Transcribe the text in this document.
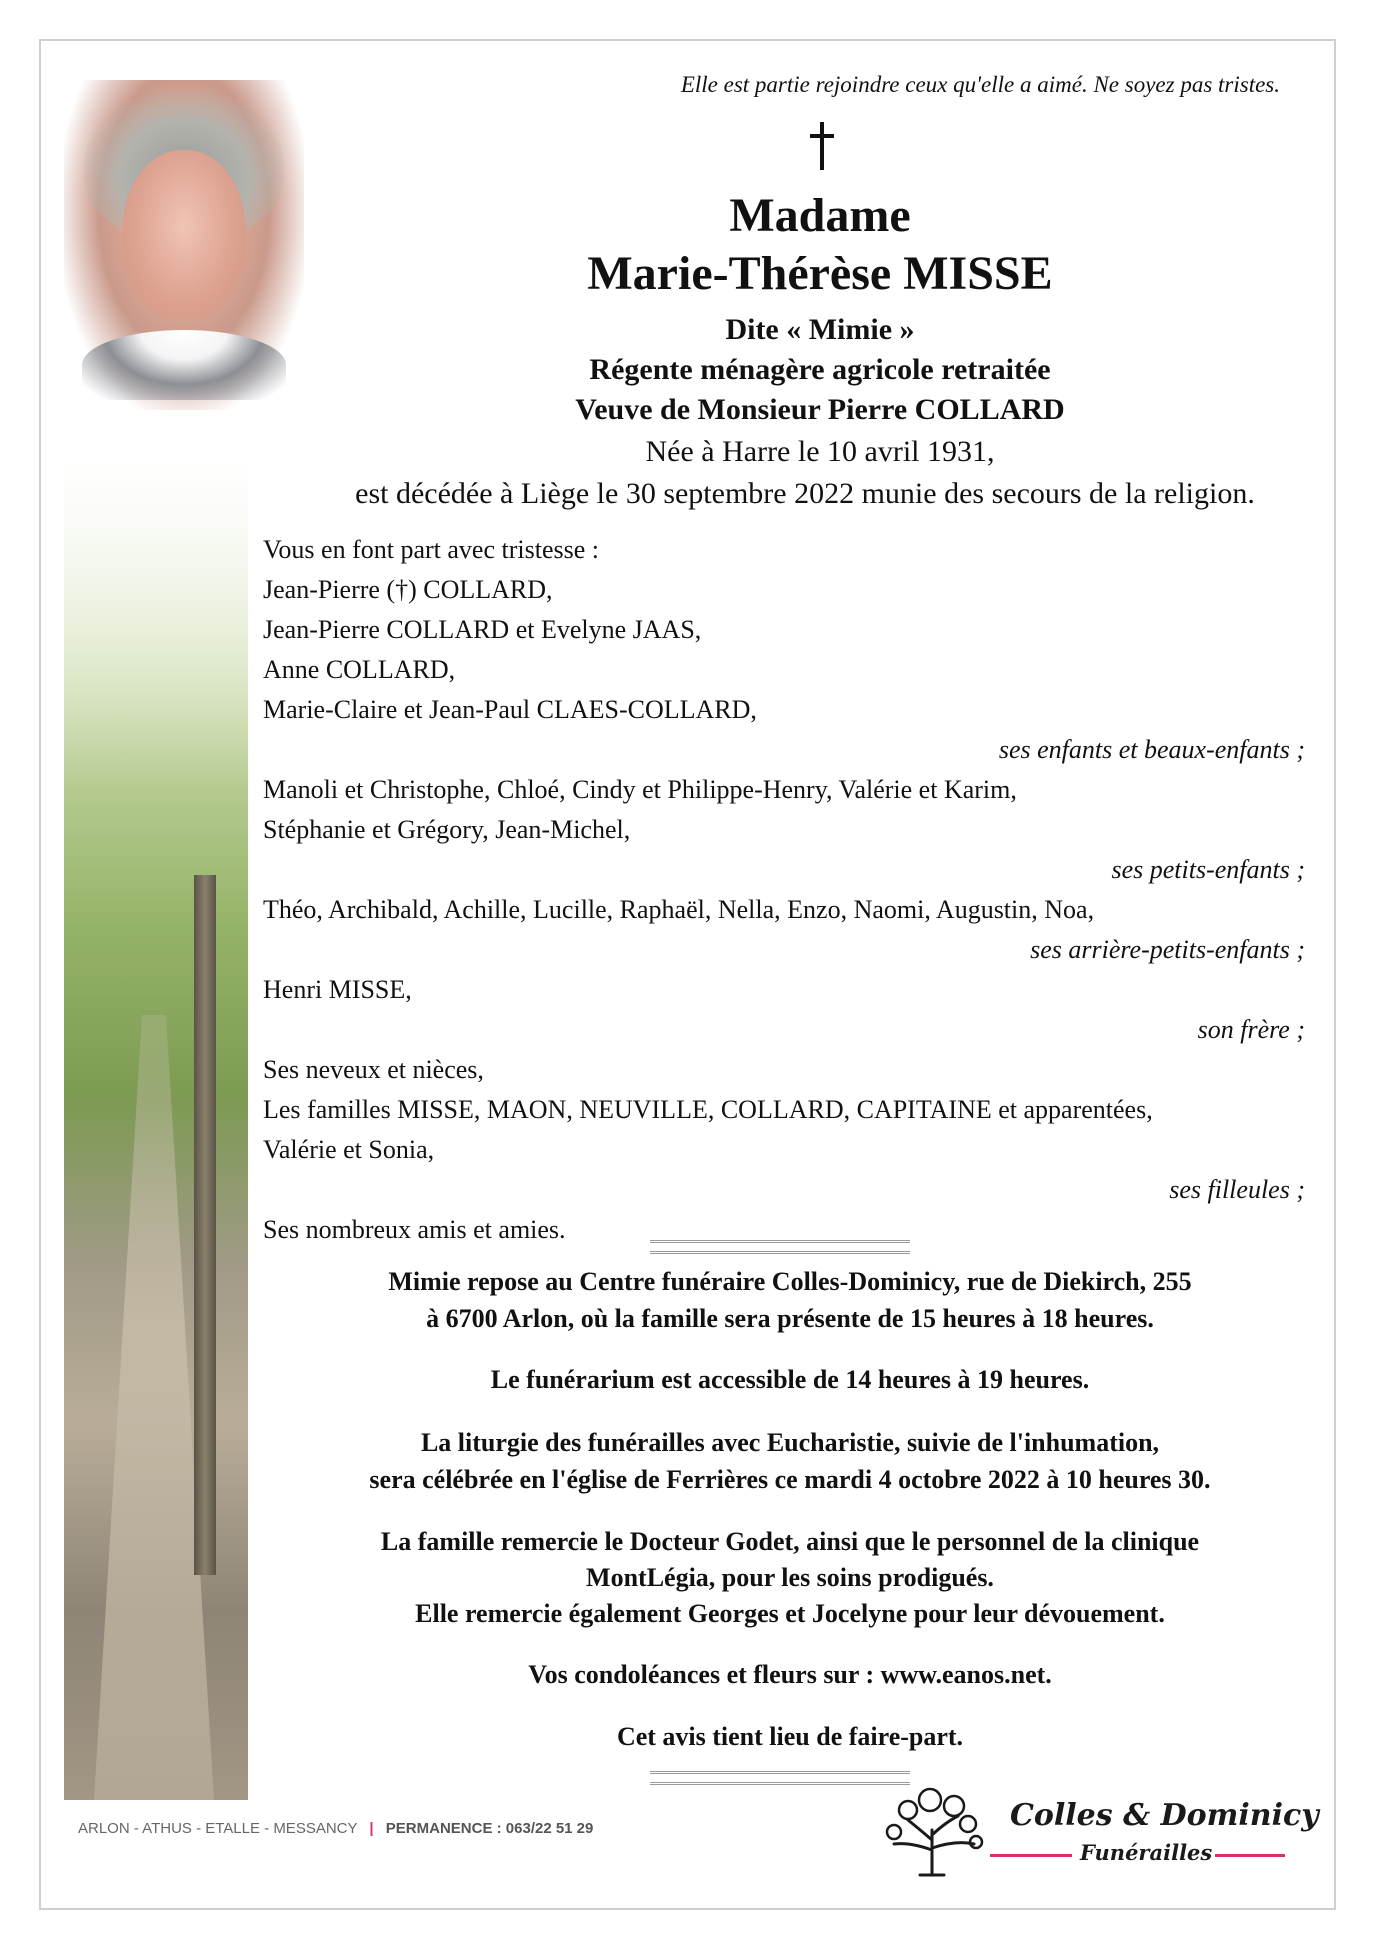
Elle est partie rejoindre ceux qu'elle a aimé. Ne soyez pas tristes.
Madame
Marie-Thérèse MISSE
Dite « Mimie »
Régente ménagère agricole retraitée
Veuve de Monsieur Pierre COLLARD
Née à Harre le 10 avril 1931,
est décédée à Liège le 30 septembre 2022 munie des secours de la religion.
Vous en font part avec tristesse :
Jean-Pierre (†) COLLARD,
Jean-Pierre COLLARD et Evelyne JAAS,
Anne COLLARD,
Marie-Claire et Jean-Paul CLAES-COLLARD,
ses enfants et beaux-enfants ;
Manoli et Christophe, Chloé, Cindy et Philippe-Henry, Valérie et Karim,
Stéphanie et Grégory, Jean-Michel,
ses petits-enfants ;
Théo, Archibald, Achille, Lucille, Raphaël, Nella, Enzo, Naomi, Augustin, Noa,
ses arrière-petits-enfants ;
Henri MISSE,
son frère ;
Ses neveux et nièces,
Les familles MISSE, MAON, NEUVILLE, COLLARD, CAPITAINE et apparentées,
Valérie et Sonia,
ses filleules ;
Ses nombreux amis et amies.
Mimie repose au Centre funéraire Colles-Dominicy, rue de Diekirch, 255
à 6700 Arlon, où la famille sera présente de 15 heures à 18 heures.
Le funérarium est accessible de 14 heures à 19 heures.
La liturgie des funérailles avec Eucharistie, suivie de l'inhumation,
sera célébrée en l'église de Ferrières ce mardi 4 octobre 2022 à 10 heures 30.
La famille remercie le Docteur Godet, ainsi que le personnel de la clinique
MontLégia, pour les soins prodigués.
Elle remercie également Georges et Jocelyne pour leur dévouement.
Vos condoléances et fleurs sur : www.eanos.net.
Cet avis tient lieu de faire-part.
ARLON - ATHUS - ETALLE - MESSANCY | PERMANENCE : 063/22 51 29	Colles & Dominicy
Funérailles
